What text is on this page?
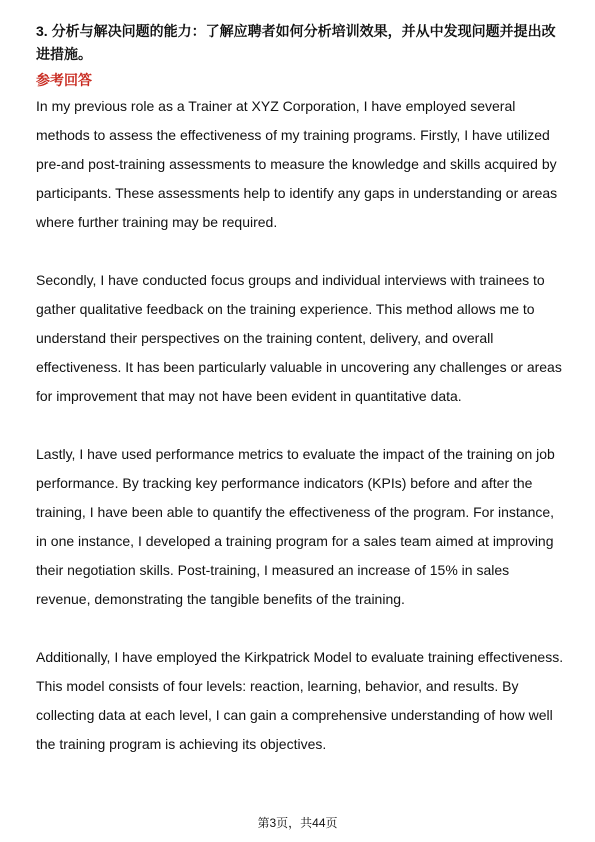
3. 分析与解决问题的能力：了解应聘者如何分析培训效果，并从中发现问题并提出改进措施。

参考回答

In my previous role as a Trainer at XYZ Corporation, I have employed several methods to assess the effectiveness of my training programs. Firstly, I have utilized pre-and post-training assessments to measure the knowledge and skills acquired by participants. These assessments help to identify any gaps in understanding or areas where further training may be required.

Secondly, I have conducted focus groups and individual interviews with trainees to gather qualitative feedback on the training experience. This method allows me to understand their perspectives on the training content, delivery, and overall effectiveness. It has been particularly valuable in uncovering any challenges or areas for improvement that may not have been evident in quantitative data.

Lastly, I have used performance metrics to evaluate the impact of the training on job performance. By tracking key performance indicators (KPIs) before and after the training, I have been able to quantify the effectiveness of the program. For instance, in one instance, I developed a training program for a sales team aimed at improving their negotiation skills. Post-training, I measured an increase of 15% in sales revenue, demonstrating the tangible benefits of the training.

Additionally, I have employed the Kirkpatrick Model to evaluate training effectiveness. This model consists of four levels: reaction, learning, behavior, and results. By collecting data at each level, I can gain a comprehensive understanding of how well the training program is achieving its objectives.

第3页，共44页
